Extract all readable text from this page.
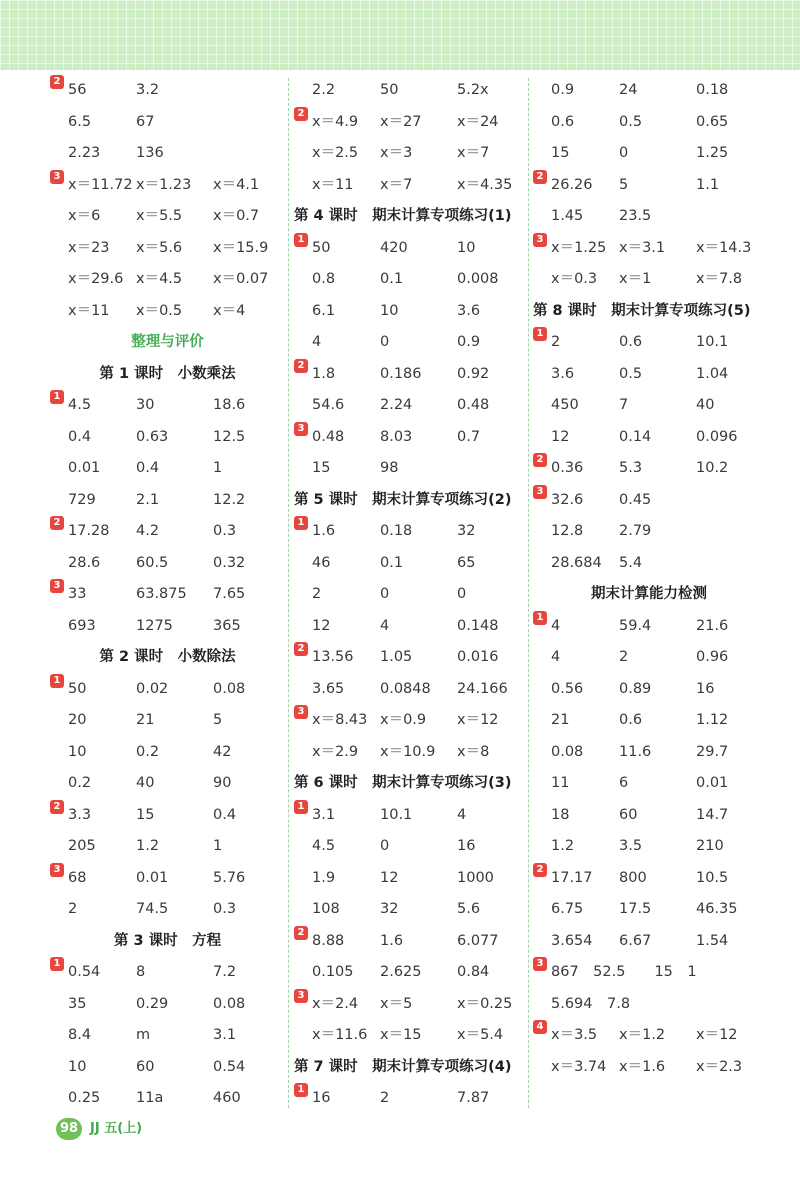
2
56	3.2
6.5	67
2.23 136
3
x＝11.72 x＝1.23 x＝4.1
x＝6 x＝5.5 x＝0.7
x＝23 x＝5.6 x＝15.9
x＝29.6 x＝4.5 x＝0.07
x＝11 x＝0.5 x＝4
整理与评价
第 1 课时　小数乘法
1
4.5	30	18.6
0.4	0.63	12.5
0.01 0.4	1
729	2.1	12.2
2
17.28 4.2	0.3
28.6 60.5	0.32
3
33	63.875 7.65
693	1275	365
第 2 课时　小数除法
1
50	0.02	0.08
20	21	5
10	0.2	42
0.2	40	90
2
3.3	15	0.4
205	1.2	1
3
68	0.01	5.76
2	74.5	0.3
第 3 课时　方程
1
0.54 8	7.2
35	0.29	0.08
8.4	m	3.1
10	60	0.54
0.25 11a	460
2.2	50	5.2x
2
x＝4.9 x＝27 x＝24
x＝2.5 x＝3	x＝7
x＝11 x＝7	x＝4.35
第 4 课时　期末计算专项练习(1)
1
50	420	10
0.8	0.1	0.008
6.1	10	3.6
4	0	0.9
2
1.8	0.186 0.92
54.6 2.24	0.48
3
0.48 8.03	0.7
15	98
第 5 课时　期末计算专项练习(2)
1
1.6	0.18	32
46	0.1	65
2	0	0
12	4	0.148
2
13.56 1.05	0.016
3.65 0.0848 24.166
3
x＝8.43 x＝0.9 x＝12
x＝2.9 x＝10.9 x＝8
第 6 课时　期末计算专项练习(3)
1
3.1	10.1	4
4.5	0	16
1.9	12	1000
108	32	5.6
2
8.88 1.6	6.077
0.105 2.625 0.84̇
3
x＝2.4 x＝5	x＝0.25
x＝11.6 x＝15 x＝5.4
第 7 课时　期末计算专项练习(4)
1
16	2	7.87
0.9	24	0.18
0.6	0.5	0.65
15	0	1.25
2
26.26 5	1.1
1.45 23.5
3
x＝1.25 x＝3.1 x＝14.3
x＝0.3 x＝1	x＝7.8
第 8 课时　期末计算专项练习(5)
1
2	0.6	10.1
3.6	0.5	1.04
450	7	40
12	0.14	0.096
2
0.36 5.3̇	10.2
3
32.6 0.45
12.8 2.79
28.684 5.4
期末计算能力检测
1
4	59.4	21.6
4	2	0.96
0.56 0.89	16
21	0.6	1.12
0.08 11.6	29.7
11	6	0.01
18	60	14.7
1.2	3.5	210
2
17.17 800	10.5
6.75 17.5	46.35
3.654 6.67	1.54̇
3
867　52.5　　15　1
5.694　7.8
4
x＝3.5 x＝1.2 x＝12
x＝3.74 x＝1.6 x＝2.3
98 JJ 五(上)
